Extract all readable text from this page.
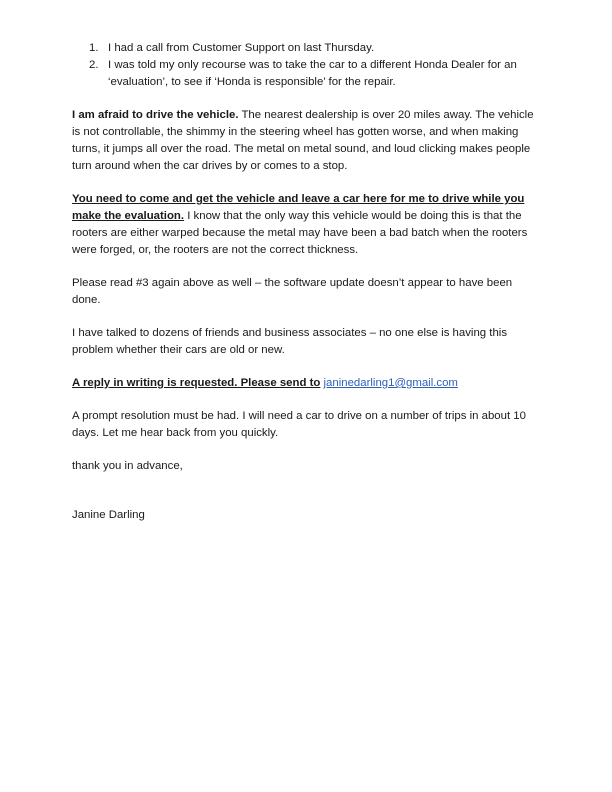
1. I had a call from Customer Support on last Thursday.
2. I was told my only recourse was to take the car to a different Honda Dealer for an ‘evaluation’, to see if ‘Honda is responsible’ for the repair.

I am afraid to drive the vehicle. The nearest dealership is over 20 miles away. The vehicle is not controllable, the shimmy in the steering wheel has gotten worse, and when making turns, it jumps all over the road. The metal on metal sound, and loud clicking makes people turn around when the car drives by or comes to a stop.

You need to come and get the vehicle and leave a car here for me to drive while you make the evaluation. I know that the only way this vehicle would be doing this is that the rooters are either warped because the metal may have been a bad batch when the rooters were forged, or, the rooters are not the correct thickness.

Please read #3 again above as well – the software update doesn’t appear to have been done.

I have talked to dozens of friends and business associates – no one else is having this problem whether their cars are old or new.

A reply in writing is requested. Please send to janinedarling1@gmail.com

A prompt resolution must be had. I will need a car to drive on a number of trips in about 10 days. Let me hear back from you quickly.

thank you in advance,

Janine Darling
